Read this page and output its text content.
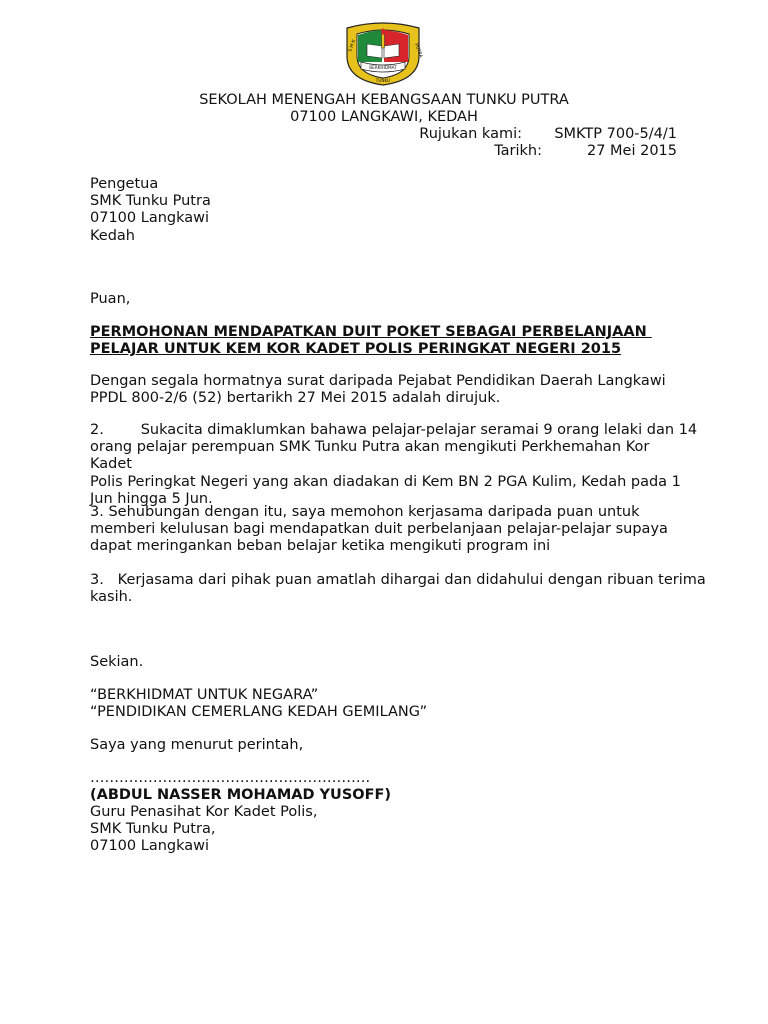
BERKHIDMAT
S M K	PUTRA
TUNKU
SEKOLAH MENENGAH KEBANGSAAN TUNKU PUTRA
07100 LANGKAWI, KEDAH
Rujukan kami: SMKTP 700-5/4/1
Tarikh:	27 Mei 2015

Pengetua

SMK Tunku Putra

07100 Langkawi

Kedah

Puan,

PERMOHONAN MENDAPATKAN DUIT POKET SEBAGAI PERBELANJAAN

PELAJAR UNTUK KEM KOR KADET POLIS PERINGKAT NEGERI 2015

Dengan segala hormatnya surat daripada Pejabat Pendidikan Daerah Langkawi

PPDL 800-2/6 (52) bertarikh 27 Mei 2015 adalah dirujuk.

2.        Sukacita dimaklumkan bahawa pelajar-pelajar seramai 9 orang lelaki dan 14

orang pelajar perempuan SMK Tunku Putra akan mengikuti Perkhemahan Kor Kadet

Polis Peringkat Negeri yang akan diadakan di Kem BN 2 PGA Kulim, Kedah pada 1

Jun hingga 5 Jun.

3. Sehubungan dengan itu, saya memohon kerjasama daripada puan untuk

memberi kelulusan bagi mendapatkan duit perbelanjaan pelajar-pelajar supaya

dapat meringankan beban belajar ketika mengikuti program ini

3.   Kerjasama dari pihak puan amatlah dihargai dan didahului dengan ribuan terima

kasih.

Sekian.
“BERKHIDMAT UNTUK NEGARA”
“PENDIDIKAN CEMERLANG KEDAH GEMILANG”
Saya yang menurut perintah,
………………………………………………….
(ABDUL NASSER MOHAMAD YUSOFF)

Guru Penasihat Kor Kadet Polis,

SMK Tunku Putra,

07100 Langkawi
